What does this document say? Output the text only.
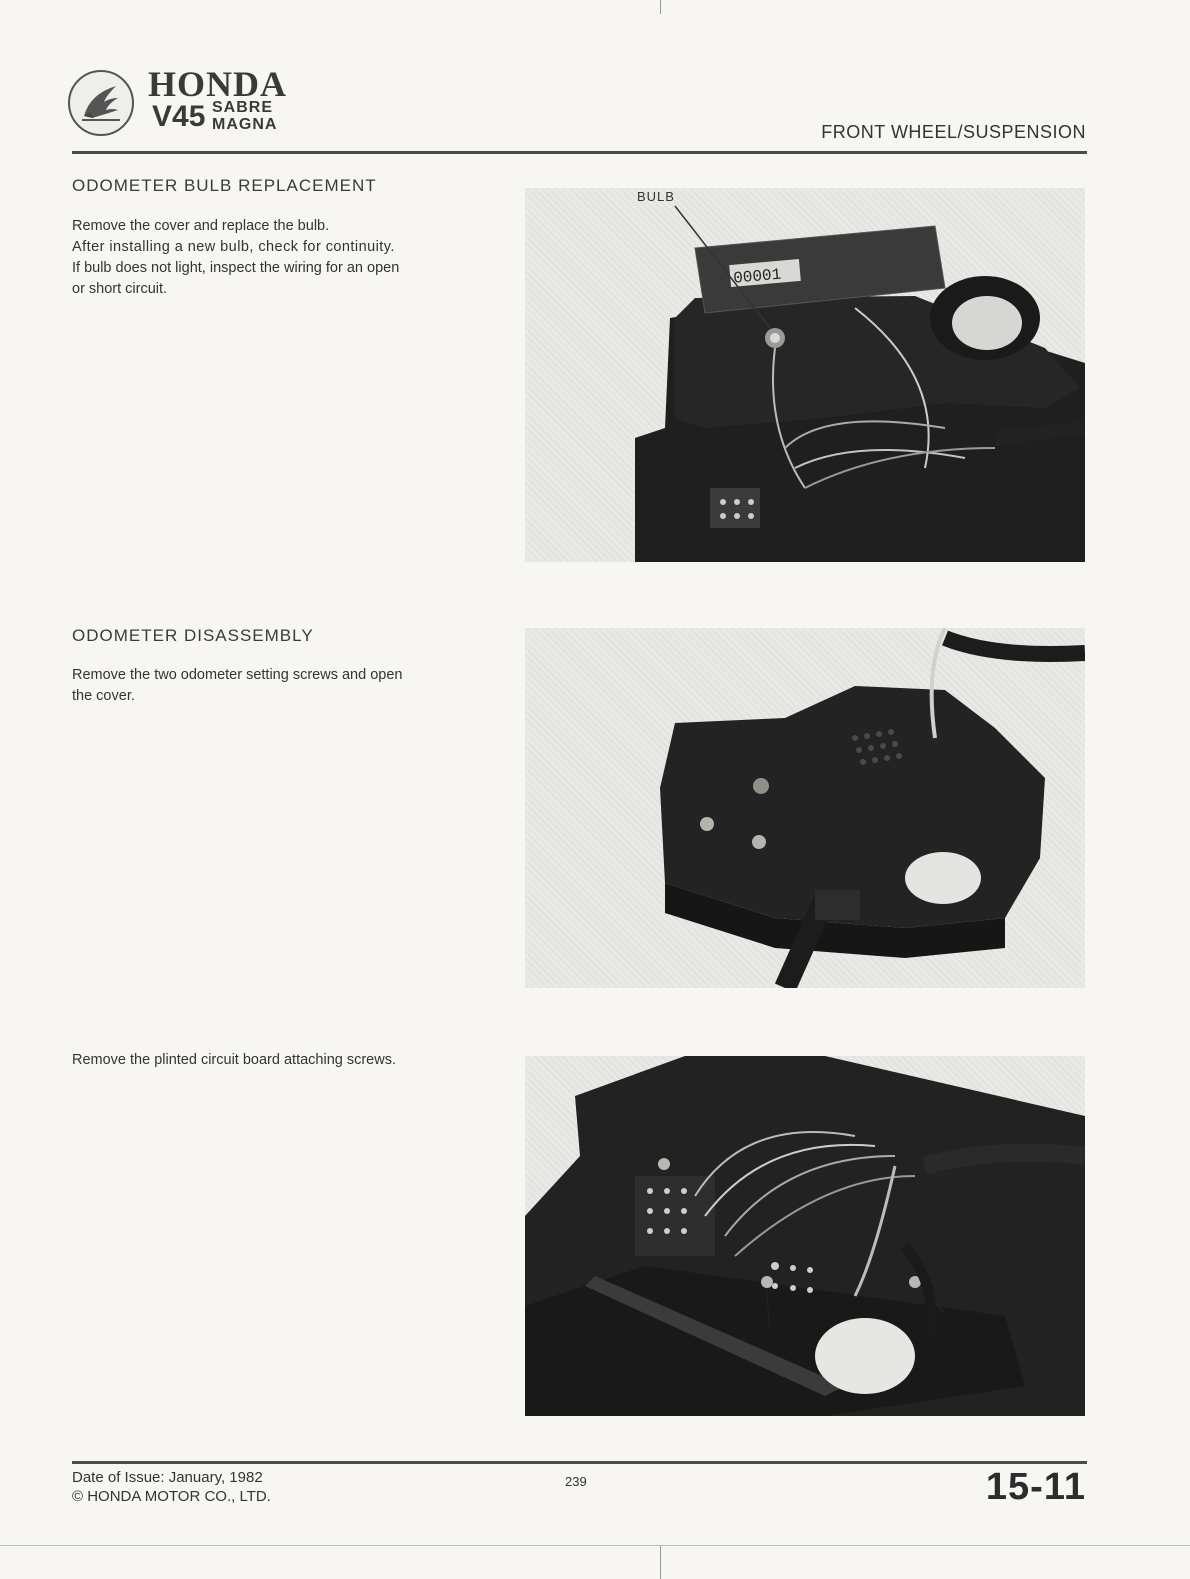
HONDA
V45 SABRE
MAGNA	FRONT WHEEL/SUSPENSION
ODOMETER BULB REPLACEMENT

Remove the cover and replace the bulb.

After installing a new bulb, check for continuity.

If bulb does not light, inspect the wiring for an open

or short circuit.

00001
BULB
ODOMETER DISASSEMBLY

Remove the two odometer setting screws and open

the cover.

Remove the plinted circuit board attaching screws.

Date of Issue: January, 1982
© HONDA MOTOR CO., LTD.
239	15-11
